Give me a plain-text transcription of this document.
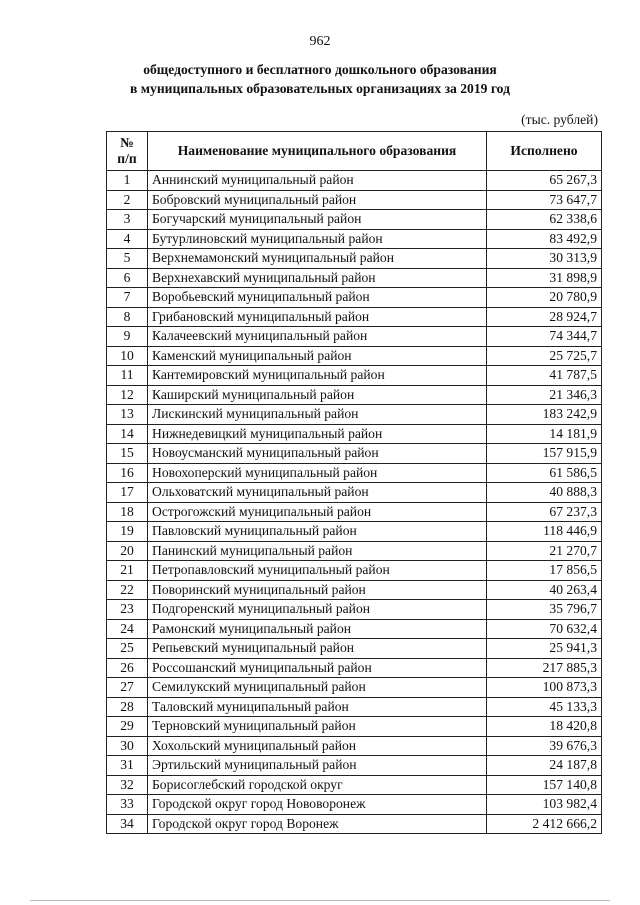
962
общедоступного и бесплатного дошкольного образования
в муниципальных образовательных организациях за 2019 год
(тыс. рублей)
№
п/п	Наименование муниципального образования	Исполнено
1	Аннинский муниципальный район	65 267,3
2	Бобровский муниципальный район	73 647,7
3	Богучарский муниципальный район	62 338,6
4	Бутурлиновский муниципальный район	83 492,9
5	Верхнемамонский муниципальный район	30 313,9
6	Верхнехавский муниципальный район	31 898,9
7	Воробьевский муниципальный район	20 780,9
8	Грибановский муниципальный район	28 924,7
9	Калачеевский муниципальный район	74 344,7
10	Каменский муниципальный район	25 725,7
11	Кантемировский муниципальный район	41 787,5
12	Каширский муниципальный район	21 346,3
13	Лискинский муниципальный район	183 242,9
14	Нижнедевицкий муниципальный район	14 181,9
15	Новоусманский муниципальный район	157 915,9
16	Новохоперский муниципальный район	61 586,5
17	Ольховатский муниципальный район	40 888,3
18	Острогожский муниципальный район	67 237,3
19	Павловский муниципальный район	118 446,9
20	Панинский муниципальный район	21 270,7
21	Петропавловский муниципальный район	17 856,5
22	Поворинский муниципальный район	40 263,4
23	Подгоренский муниципальный район	35 796,7
24	Рамонский муниципальный район	70 632,4
25	Репьевский муниципальный район	25 941,3
26	Россошанский муниципальный район	217 885,3
27	Семилукский муниципальный район	100 873,3
28	Таловский муниципальный район	45 133,3
29	Терновский муниципальный район	18 420,8
30	Хохольский муниципальный район	39 676,3
31	Эртильский муниципальный район	24 187,8
32	Борисоглебский городской округ	157 140,8
33	Городской округ город Нововоронеж	103 982,4
34	Городской округ город Воронеж	2 412 666,2
